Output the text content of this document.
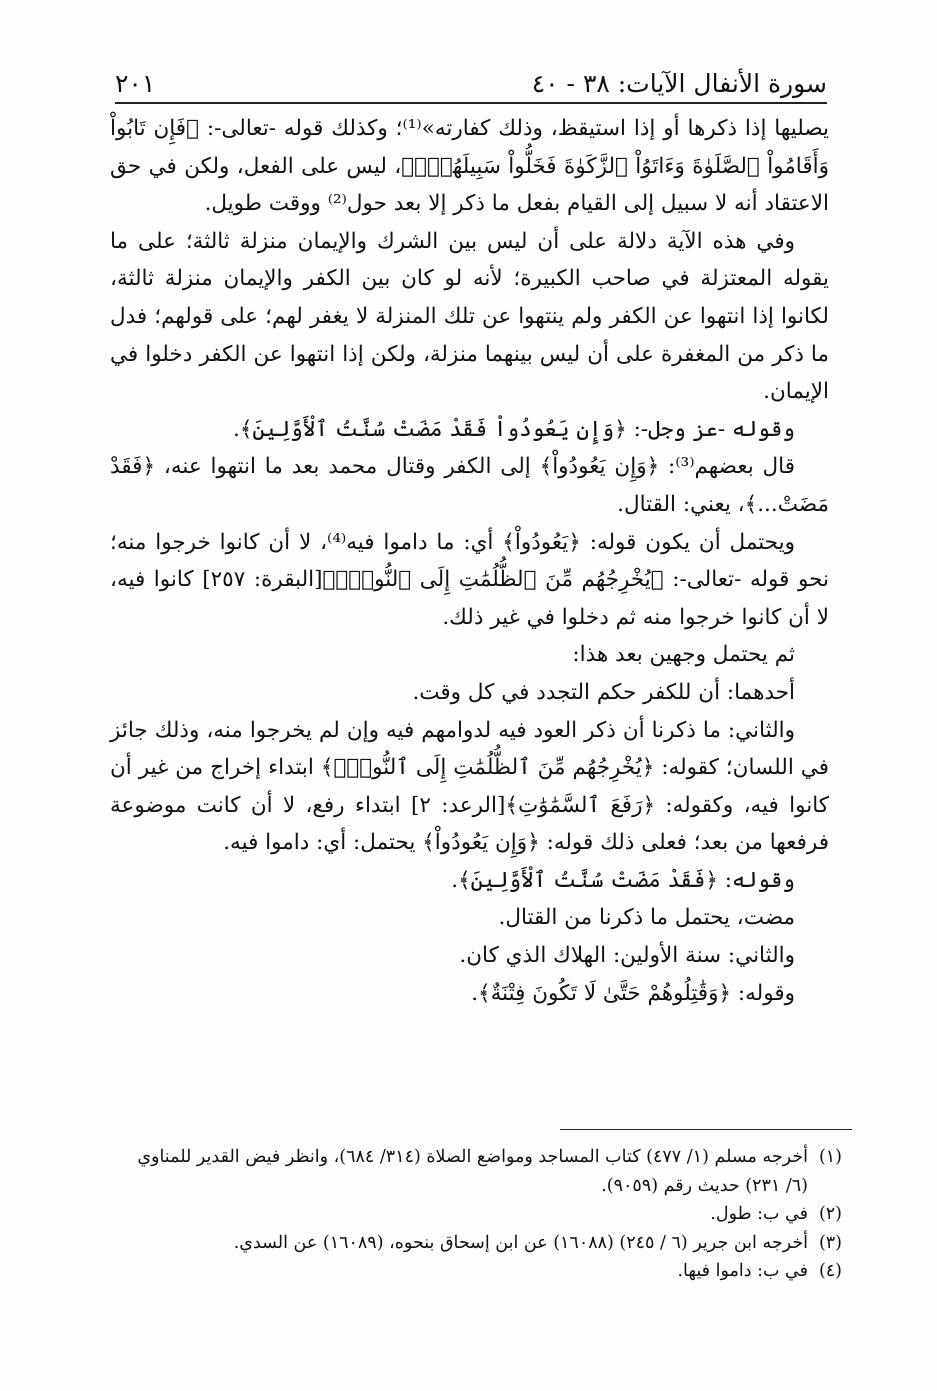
سورة الأنفال الآيات: ٣٨ - ٤٠
٢٠١

يصليها إذا ذكرها أو إذا استيقظ، وذلك كفارته»⁽¹⁾؛ وكذلك قوله -تعالى-: ﴿فَإِن تَابُواْ وَأَقَامُواْ ٱلصَّلَوٰةَ وَءَاتَوُاْ ٱلزَّكَوٰةَ فَخَلُّواْ سَبِيلَهُمْۚ﴾، ليس على الفعل، ولكن في حق الاعتقاد أنه لا سبيل إلى القيام بفعل ما ذكر إلا بعد حول⁽²⁾ ووقت طويل.

وفي هذه الآية دلالة على أن ليس بين الشرك والإيمان منزلة ثالثة؛ على ما يقوله المعتزلة في صاحب الكبيرة؛ لأنه لو كان بين الكفر والإيمان منزلة ثالثة، لكانوا إذا انتهوا عن الكفر ولم ينتهوا عن تلك المنزلة لا يغفر لهم؛ على قولهم؛ فدل ما ذكر من المغفرة على أن ليس بينهما منزلة، ولكن إذا انتهوا عن الكفر دخلوا في الإيمان.

وقوله -عز وجل-: ﴿وَإِن يَعُودُواْ فَقَدْ مَضَتْ سُنَّتُ ٱلْأَوَّلِينَ﴾.

قال بعضهم⁽³⁾: ﴿وَإِن يَعُودُواْ﴾ إلى الكفر وقتال محمد بعد ما انتهوا عنه، ﴿فَقَدْ مَضَتْ...﴾، يعني: القتال.

ويحتمل أن يكون قوله: ﴿يَعُودُواْ﴾ أي: ما داموا فيه⁽⁴⁾، لا أن كانوا خرجوا منه؛ نحو قوله -تعالى-: ﴿يُخْرِجُهُم مِّنَ ٱلظُّلُمَٰتِ إِلَى ٱلنُّورِۖ﴾[البقرة: ٢٥٧] كانوا فيه، لا أن كانوا خرجوا منه ثم دخلوا في غير ذلك.

ثم يحتمل وجهين بعد هذا:

أحدهما: أن للكفر حكم التجدد في كل وقت.

والثاني: ما ذكرنا أن ذكر العود فيه لدوامهم فيه وإن لم يخرجوا منه، وذلك جائز في اللسان؛ كقوله: ﴿يُخْرِجُهُم مِّنَ ٱلظُّلُمَٰتِ إِلَى ٱلنُّورِۖ﴾ ابتداء إخراج من غير أن كانوا فيه، وكقوله: ﴿رَفَعَ ٱلسَّمَٰوَٰتِ﴾[الرعد: ٢] ابتداء رفع، لا أن كانت موضوعة فرفعها من بعد؛ فعلى ذلك قوله: ﴿وَإِن يَعُودُواْ﴾ يحتمل: أي: داموا فيه.

وقوله: ﴿فَقَدْ مَضَتْ سُنَّتُ ٱلْأَوَّلِينَ﴾.

مضت، يحتمل ما ذكرنا من القتال.

والثاني: سنة الأولين: الهلاك الذي كان.

وقوله: ﴿وَقَٰتِلُوهُمْ حَتَّىٰ لَا تَكُونَ فِتْنَةٌ﴾.

(١)
أخرجه مسلم (١/ ٤٧٧) كتاب المساجد ومواضع الصلاة (٣١٤/ ٦٨٤)، وانظر فيض القدير للمناوي (٦/ ٢٣١) حديث رقم (٩٠٥٩).
(٢)
في ب: طول.
(٣)
أخرجه ابن جرير (٦ / ٢٤٥) (١٦٠٨٨) عن ابن إسحاق بنحوه، (١٦٠٨٩) عن السدي.
(٤)
في ب: داموا فيها.
